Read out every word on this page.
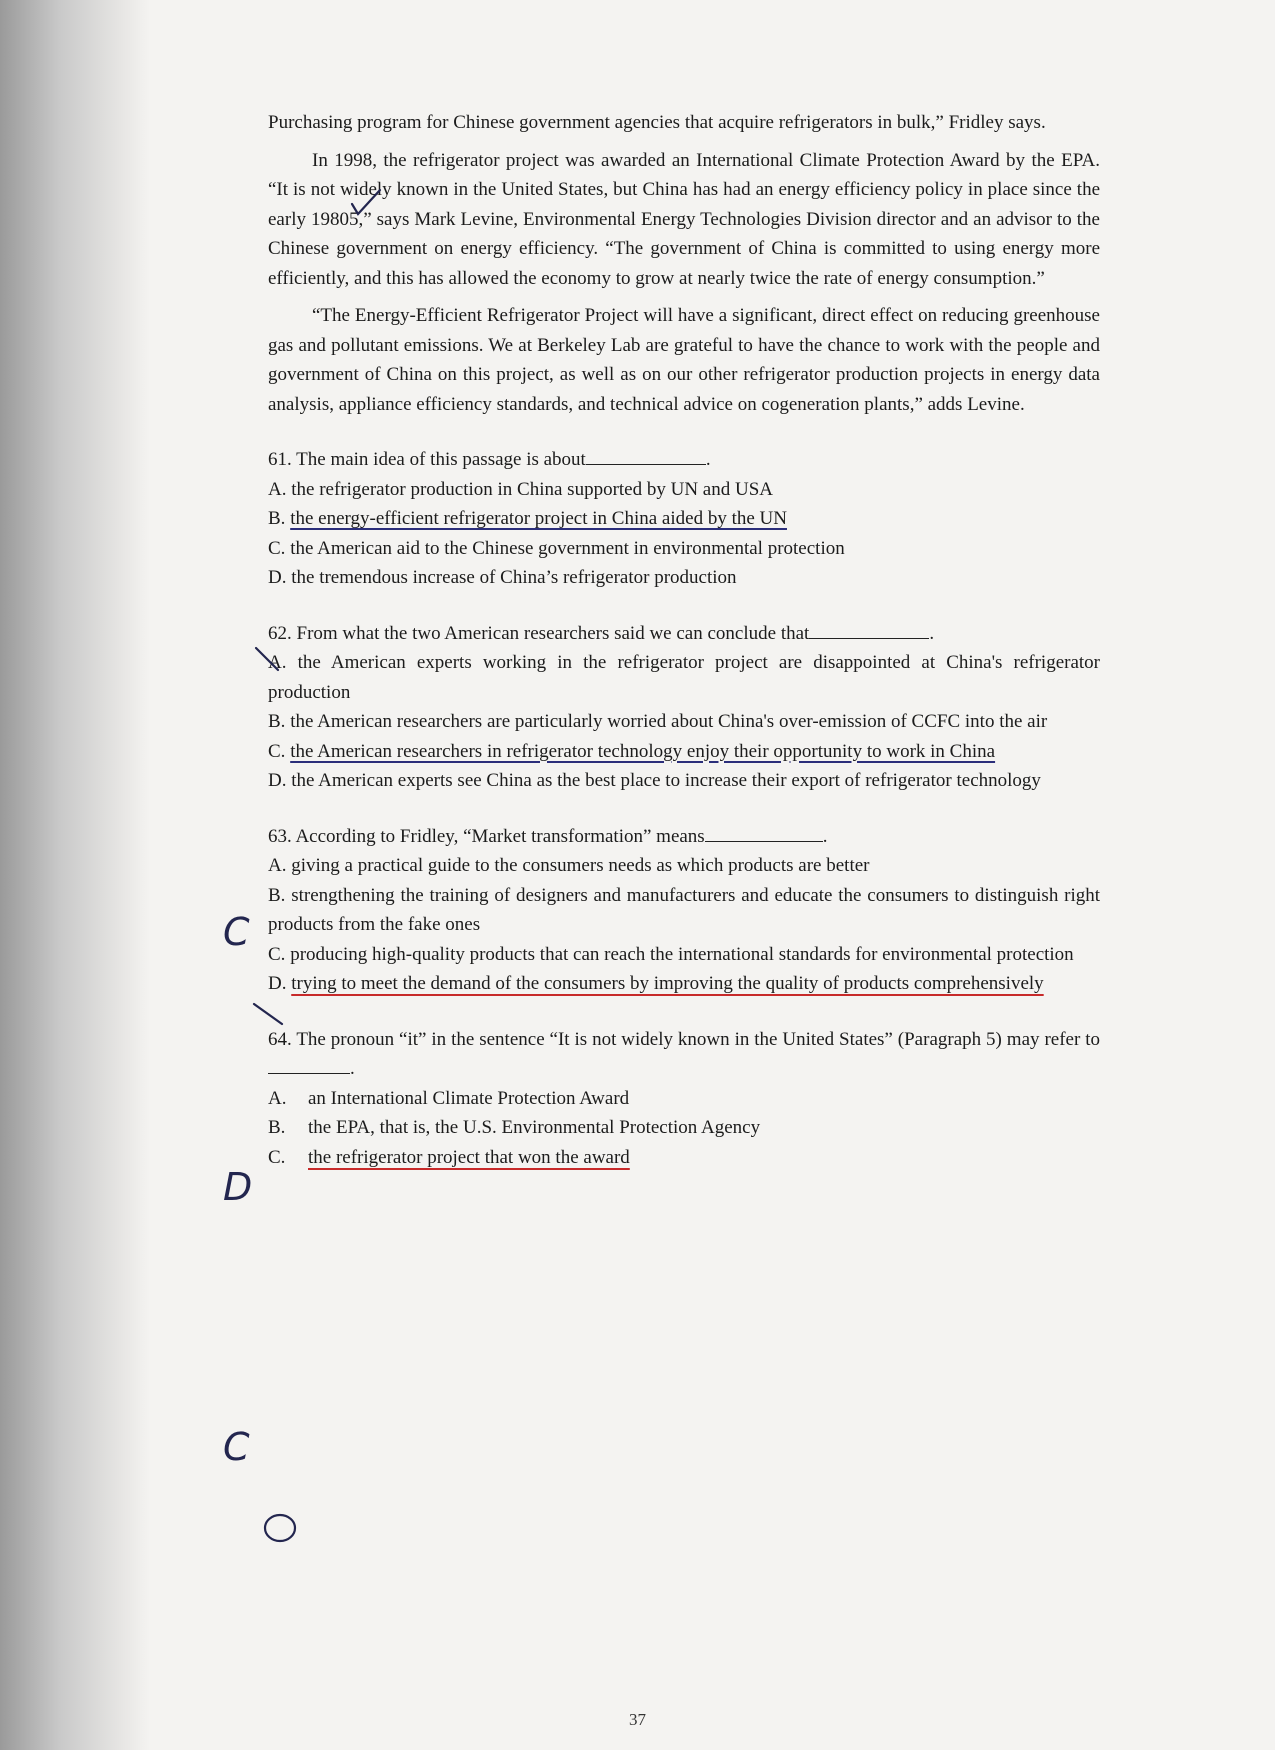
Purchasing program for Chinese government agencies that acquire refrigerators in bulk,” Fridley says.

In 1998, the refrigerator project was awarded an International Climate Protection Award by the EPA. “It is not widely known in the United States, but China has had an energy efficiency policy in place since the early 19805,” says Mark Levine, Environmental Energy Technologies Division director and an advisor to the Chinese government on energy efficiency. “The government of China is committed to using energy more efficiently, and this has allowed the economy to grow at nearly twice the rate of energy consumption.”

“The Energy-Efficient Refrigerator Project will have a significant, direct effect on reducing greenhouse gas and pollutant emissions. We at Berkeley Lab are grateful to have the chance to work with the people and government of China on this project, as well as on our other refrigerator production projects in energy data analysis, appliance efficiency standards, and technical advice on cogeneration plants,” adds Levine.

61. The main idea of this passage is about	.

A. the refrigerator production in China supported by UN and USA

B. the energy-efficient refrigerator project in China aided by the UN

C. the American aid to the Chinese government in environmental protection

D. the tremendous increase of China’s refrigerator production

62. From what the two American researchers said we can conclude that	.

A. the American experts working in the refrigerator project are disappointed at China's refrigerator production

B. the American researchers are particularly worried about China's over-emission of CCFC into the air

C. the American researchers in refrigerator technology enjoy their opportunity to work in China

D. the American experts see China as the best place to increase their export of refrigerator technology

63. According to Fridley, “Market transformation” means	.

A. giving a practical guide to the consumers needs as which products are better

B. strengthening the training of designers and manufacturers and educate the consumers to distinguish right products from the fake ones

C. producing high-quality products that can reach the international standards for environmental protection

D. trying to meet the demand of the consumers by improving the quality of products comprehensively

64. The pronoun “it” in the sentence “It is not widely known in the United States” (Paragraph 5) may refer to.

A. an International Climate Protection Award

B. the EPA, that is, the U.S. Environmental Protection Agency

C. the refrigerator project that won the award

C
D
C
37
